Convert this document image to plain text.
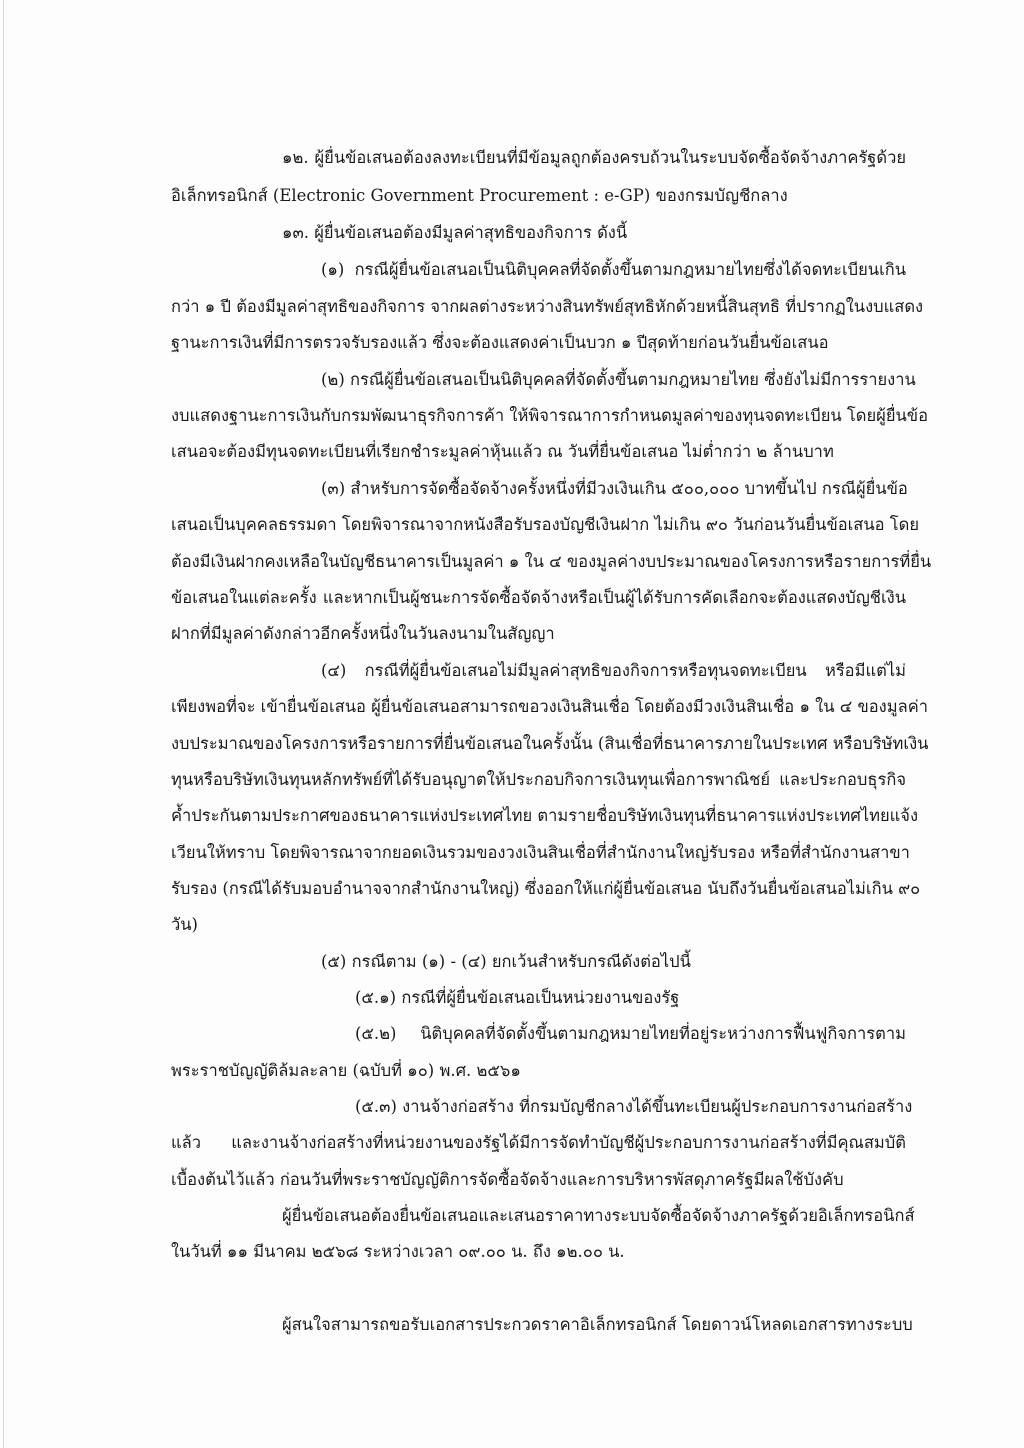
๑๒. ผู้ยื่นข้อเสนอต้องลงทะเบียนที่มีข้อมูลถูกต้องครบถ้วนในระบบจัดซื้อจัดจ้างภาครัฐด้วย
อิเล็กทรอนิกส์ (Electronic Government Procurement : e-GP) ของกรมบัญชีกลาง
๑๓. ผู้ยื่นข้อเสนอต้องมีมูลค่าสุทธิของกิจการ ดังนี้
(๑) กรณีผู้ยื่นข้อเสนอเป็นนิติบุคคลที่จัดตั้งขึ้นตามกฎหมายไทยซึ่งได้จดทะเบียนเกิน
กว่า ๑ ปี ต้องมีมูลค่าสุทธิของกิจการ จากผลต่างระหว่างสินทรัพย์สุทธิหักด้วยหนี้สินสุทธิ ที่ปรากฏในงบแสดง
ฐานะการเงินที่มีการตรวจรับรองแล้ว ซึ่งจะต้องแสดงค่าเป็นบวก ๑ ปีสุดท้ายก่อนวันยื่นข้อเสนอ
(๒) กรณีผู้ยื่นข้อเสนอเป็นนิติบุคคลที่จัดตั้งขึ้นตามกฎหมายไทย ซึ่งยังไม่มีการรายงาน
งบแสดงฐานะการเงินกับกรมพัฒนาธุรกิจการค้า ให้พิจารณาการกำหนดมูลค่าของทุนจดทะเบียน โดยผู้ยื่นข้อ
เสนอจะต้องมีทุนจดทะเบียนที่เรียกชำระมูลค่าหุ้นแล้ว ณ วันที่ยื่นข้อเสนอ ไม่ต่ำกว่า ๒ ล้านบาท
(๓) สำหรับการจัดซื้อจัดจ้างครั้งหนึ่งที่มีวงเงินเกิน ๕๐๐,๐๐๐ บาทขึ้นไป กรณีผู้ยื่นข้อ
เสนอเป็นบุคคลธรรมดา โดยพิจารณาจากหนังสือรับรองบัญชีเงินฝาก ไม่เกิน ๙๐ วันก่อนวันยื่นข้อเสนอ โดย
ต้องมีเงินฝากคงเหลือในบัญชีธนาคารเป็นมูลค่า ๑ ใน ๔ ของมูลค่างบประมาณของโครงการหรือรายการที่ยื่น
ข้อเสนอในแต่ละครั้ง และหากเป็นผู้ชนะการจัดซื้อจัดจ้างหรือเป็นผู้ได้รับการคัดเลือกจะต้องแสดงบัญชีเงิน
ฝากที่มีมูลค่าดังกล่าวอีกครั้งหนึ่งในวันลงนามในสัญญา
(๔) กรณีที่ผู้ยื่นข้อเสนอไม่มีมูลค่าสุทธิของกิจการหรือทุนจดทะเบียน หรือมีแต่ไม่
เพียงพอที่จะ เข้ายื่นข้อเสนอ ผู้ยื่นข้อเสนอสามารถขอวงเงินสินเชื่อ โดยต้องมีวงเงินสินเชื่อ ๑ ใน ๔ ของมูลค่า
งบประมาณของโครงการหรือรายการที่ยื่นข้อเสนอในครั้งนั้น (สินเชื่อที่ธนาคารภายในประเทศ หรือบริษัทเงิน
ทุนหรือบริษัทเงินทุนหลักทรัพย์ที่ได้รับอนุญาตให้ประกอบกิจการเงินทุนเพื่อการพาณิชย์ และประกอบธุรกิจ
ค้ำประกันตามประกาศของธนาคารแห่งประเทศไทย ตามรายชื่อบริษัทเงินทุนที่ธนาคารแห่งประเทศไทยแจ้ง
เวียนให้ทราบ โดยพิจารณาจากยอดเงินรวมของวงเงินสินเชื่อที่สำนักงานใหญ่รับรอง หรือที่สำนักงานสาขา
รับรอง (กรณีได้รับมอบอำนาจจากสำนักงานใหญ่) ซึ่งออกให้แก่ผู้ยื่นข้อเสนอ นับถึงวันยื่นข้อเสนอไม่เกิน ๙๐
วัน)
(๕) กรณีตาม (๑) - (๔) ยกเว้นสำหรับกรณีดังต่อไปนี้
(๕.๑) กรณีที่ผู้ยื่นข้อเสนอเป็นหน่วยงานของรัฐ
(๕.๒) นิติบุคคลที่จัดตั้งขึ้นตามกฎหมายไทยที่อยู่ระหว่างการฟื้นฟูกิจการตาม
พระราชบัญญัติล้มละลาย (ฉบับที่ ๑๐) พ.ศ. ๒๕๖๑
(๕.๓) งานจ้างก่อสร้าง ที่กรมบัญชีกลางได้ขึ้นทะเบียนผู้ประกอบการงานก่อสร้าง
แล้ว และงานจ้างก่อสร้างที่หน่วยงานของรัฐได้มีการจัดทำบัญชีผู้ประกอบการงานก่อสร้างที่มีคุณสมบัติ
เบื้องต้นไว้แล้ว ก่อนวันที่พระราชบัญญัติการจัดซื้อจัดจ้างและการบริหารพัสดุภาครัฐมีผลใช้บังคับ
ผู้ยื่นข้อเสนอต้องยื่นข้อเสนอและเสนอราคาทางระบบจัดซื้อจัดจ้างภาครัฐด้วยอิเล็กทรอนิกส์
ในวันที่ ๑๑ มีนาคม ๒๕๖๘ ระหว่างเวลา ๐๙.๐๐ น. ถึง ๑๒.๐๐ น.
ผู้สนใจสามารถขอรับเอกสารประกวดราคาอิเล็กทรอนิกส์ โดยดาวน์โหลดเอกสารทางระบบ
